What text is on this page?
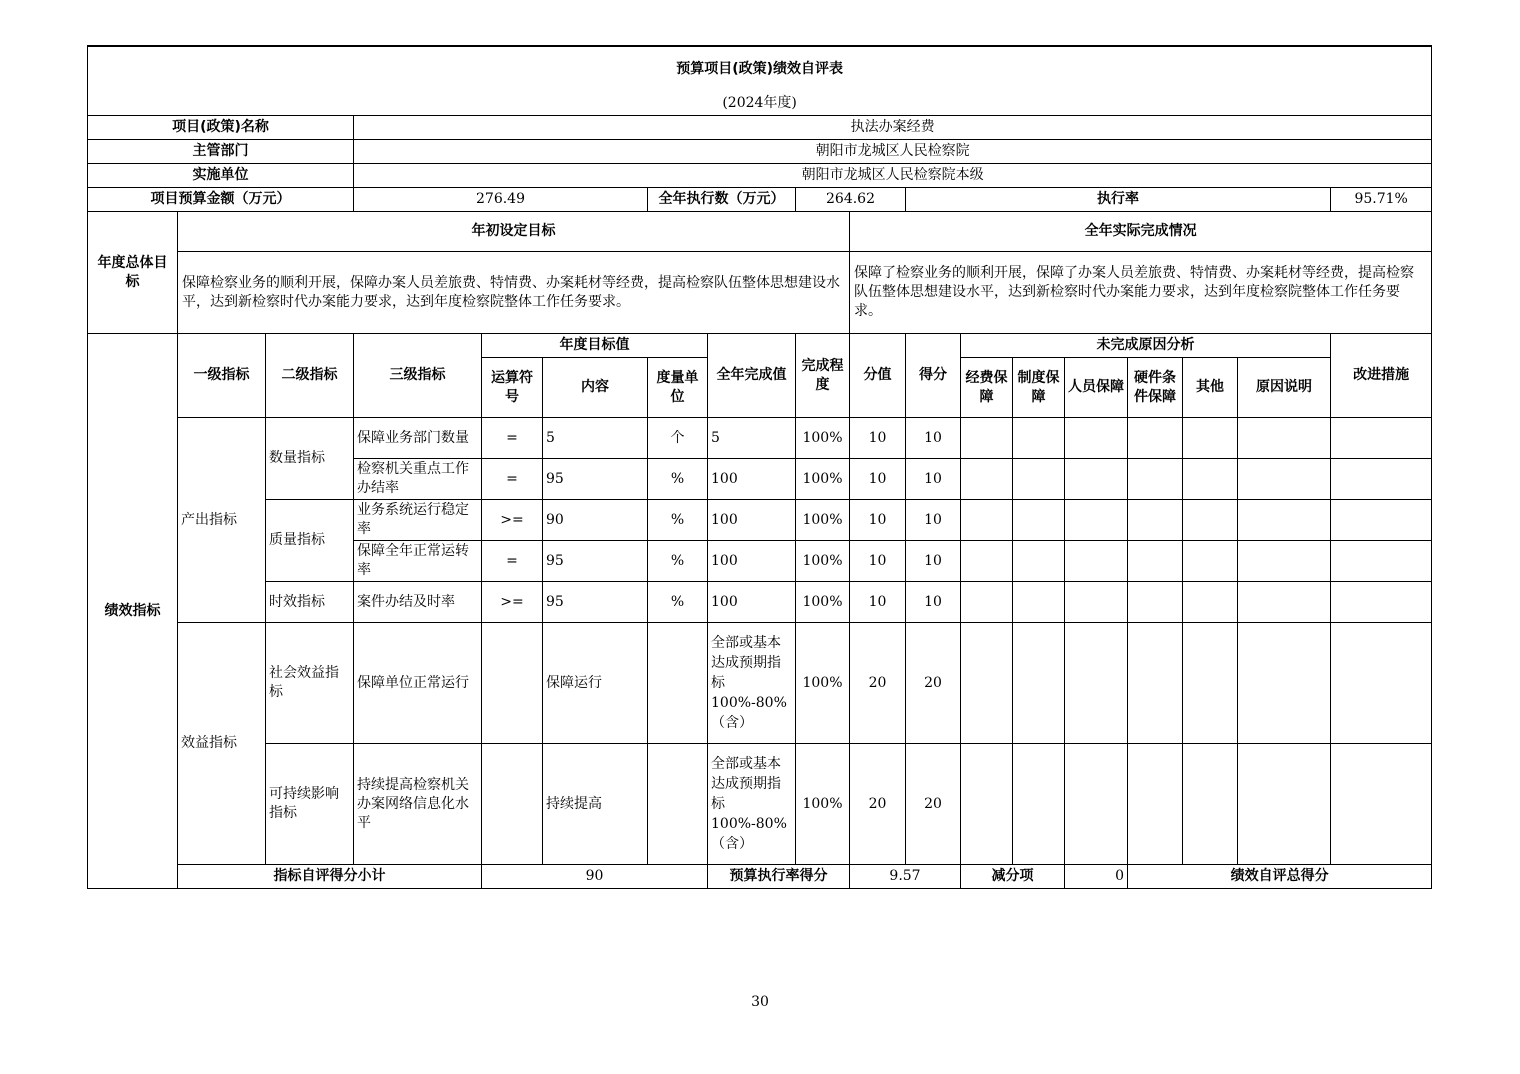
预算项目(政策)绩效自评表																		
(2024年度)																		
项目(政策)名称			执法办案经费															
主管部门			朝阳市龙城区人民检察院															
实施单位			朝阳市龙城区人民检察院本级															
项目预算金额（万元）			276.49			全年执行数（万元）		264.62		执行率							95.71%	
年度总体目标	年初设定目标								全年实际完成情况									
	保障检察业务的顺利开展，保障办案人员差旅费、特情费、办案耗材等经费，提高检察队伍整体思想建设水平，达到新检察时代办案能力要求，达到年度检察院整体工作任务要求。								保障了检察业务的顺利开展，保障了办案人员差旅费、特情费、办案耗材等经费，提高检察队伍整体思想建设水平，达到新检察时代办案能力要求，达到年度检察院整体工作任务要求。									
绩效指标	一级指标	二级指标	三级指标	年度目标值			全年完成值	完成程度	分值	得分	未完成原因分析						改进措施	
				运算符号	内容	度量单位					经费保障	制度保障	人员保障	硬件条件保障	其他	原因说明		
	产出指标	数量指标	保障业务部门数量	=	5	个	5	100%	10	10								
			检察机关重点工作办结率	=	95	%	100	100%	10	10								
		质量指标	业务系统运行稳定率	>=	90	%	100	100%	10	10								
			保障全年正常运转率	=	95	%	100	100%	10	10								
		时效指标	案件办结及时率	>=	95	%	100	100%	10	10								
	效益指标	社会效益指标	保障单位正常运行		保障运行		全部或基本达成预期指标100%-80%（含）	100%	20	20								
		可持续影响指标	持续提高检察机关办案网络信息化水平		持续提高		全部或基本达成预期指标100%-80%（含）	100%	20	20								
	指标自评得分小计			90			预算执行率得分		9.57		减分项		0	绩效自评总得分	
30
